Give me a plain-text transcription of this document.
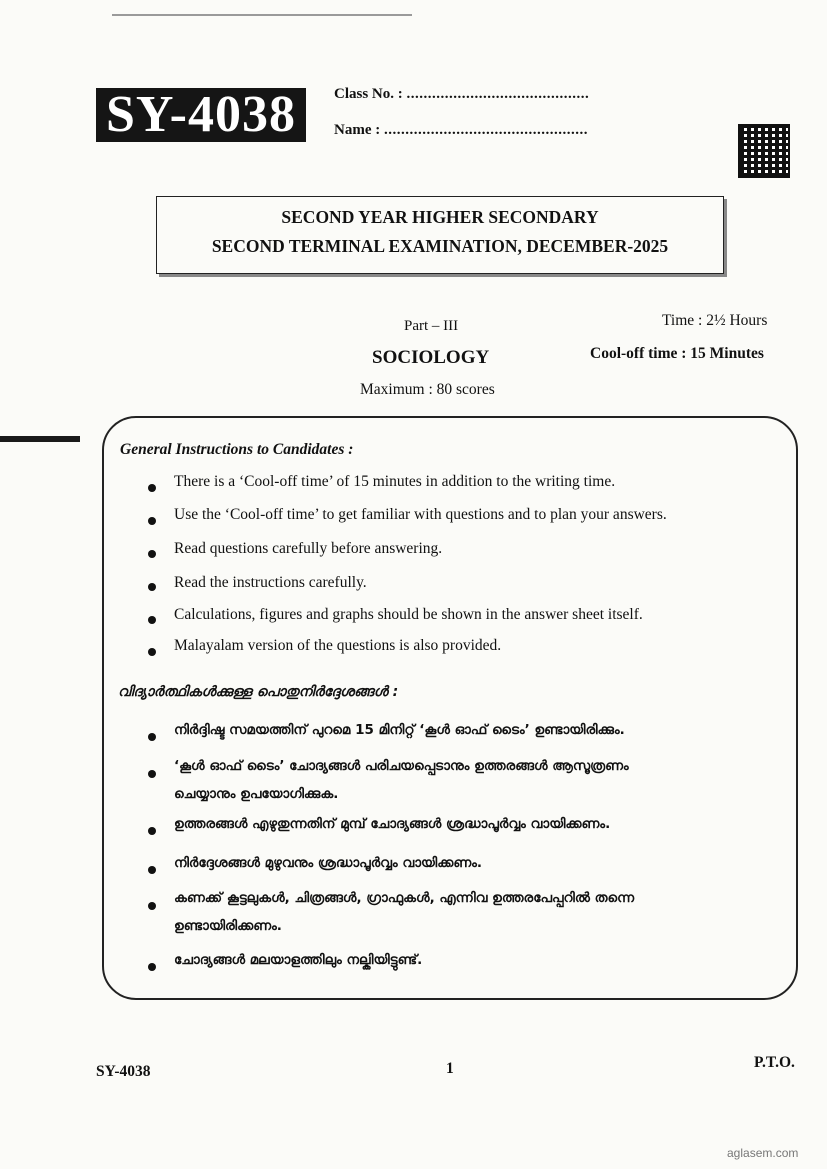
SY-4038	Class No. : ...........................................
Name : ................................................
SECOND YEAR HIGHER SECONDARY
SECOND TERMINAL EXAMINATION, DECEMBER-2025
Part – III	Time : 2½ Hours
SOCIOLOGY	Cool-off time : 15 Minutes
Maximum : 80 scores
General Instructions to Candidates :
There is a ‘Cool-off time’ of 15 minutes in addition to the writing time.
Use the ‘Cool-off time’ to get familiar with questions and to plan your answers.
Read questions carefully before answering.
Read the instructions carefully.
Calculations, figures and graphs should be shown in the answer sheet itself.
Malayalam version of the questions is also provided.
വിദ്യാർത്ഥികൾക്കുള്ള പൊതുനിർദ്ദേശങ്ങൾ :
നിർദ്ദിഷ്ട സമയത്തിന് പുറമെ 15 മിനിറ്റ് ‘കൂൾ ഓഫ് ടൈം’ ഉണ്ടായിരിക്കും.
‘കൂൾ ഓഫ് ടൈം’ ചോദ്യങ്ങൾ പരിചയപ്പെടാനും ഉത്തരങ്ങൾ ആസൂത്രണം
ചെയ്യാനും ഉപയോഗിക്കുക.
ഉത്തരങ്ങൾ എഴുതുന്നതിന് മുമ്പ് ചോദ്യങ്ങൾ ശ്രദ്ധാപൂർവ്വം വായിക്കണം.
നിർദ്ദേശങ്ങൾ മുഴുവനും ശ്രദ്ധാപൂർവ്വം വായിക്കണം.
കണക്ക് കൂട്ടലുകൾ, ചിത്രങ്ങൾ, ഗ്രാഫുകൾ, എന്നിവ ഉത്തരപേപ്പറിൽ തന്നെ
ഉണ്ടായിരിക്കണം.
ചോദ്യങ്ങൾ മലയാളത്തിലും നല്കിയിട്ടുണ്ട്.
SY-4038	1	P.T.O.
aglasem.com
